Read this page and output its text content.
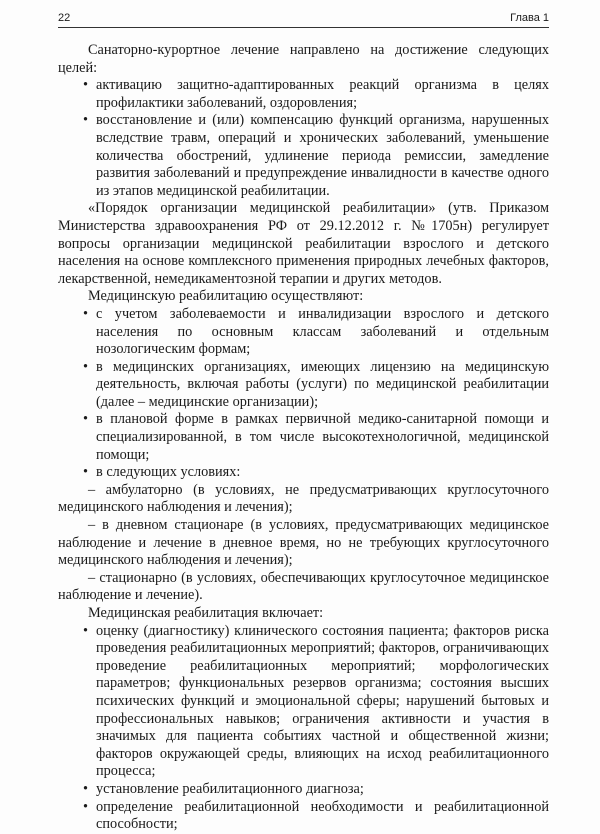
22	Глава 1

Санаторно-курортное лечение направлено на достижение следующих целей:

• активацию защитно-адаптированных реакций организма в целях профилактики заболеваний, оздоровления;
• восстановление и (или) компенсацию функций организма, нарушенных вследствие травм, операций и хронических заболеваний, уменьшение количества обострений, удлинение периода ремиссии, замедление развития заболеваний и предупреждение инвалидности в качестве одного из этапов медицинской реабилитации.

«Порядок организации медицинской реабилитации» (утв. Приказом Министерства здравоохранения РФ от 29.12.2012 г. №1705н) регулирует вопросы организации медицинской реабилитации взрослого и детского населения на основе комплексного применения природных лечебных факторов, лекарственной, немедикаментозной терапии и других методов.

Медицинскую реабилитацию осуществляют:

• с учетом заболеваемости и инвалидизации взрослого и детского населения по основным классам заболеваний и отдельным нозологическим формам;
• в медицинских организациях, имеющих лицензию на медицинскую деятельность, включая работы (услуги) по медицинской реабилитации (далее – медицинские организации);
• в плановой форме в рамках первичной медико-санитарной помощи и специализированной, в том числе высокотехнологичной, медицинской помощи;
• в следующих условиях:

– амбулаторно (в условиях, не предусматривающих круглосуточного медицинского наблюдения и лечения);

– в дневном стационаре (в условиях, предусматривающих медицинское наблюдение и лечение в дневное время, но не требующих круглосуточного медицинского наблюдения и лечения);

– стационарно (в условиях, обеспечивающих круглосуточное медицинское наблюдение и лечение).

Медицинская реабилитация включает:

• оценку (диагностику) клинического состояния пациента; факторов риска проведения реабилитационных мероприятий; факторов, ограничивающих проведение реабилитационных мероприятий; морфологических параметров; функциональных резервов организма; состояния высших психических функций и эмоциональной сферы; нарушений бытовых и профессиональных навыков; ограничения активности и участия в значимых для пациента событиях частной и общественной жизни; факторов окружающей среды, влияющих на исход реабилитационного процесса;
• установление реабилитационного диагноза;
• определение реабилитационной необходимости и реабилитационной способности;
